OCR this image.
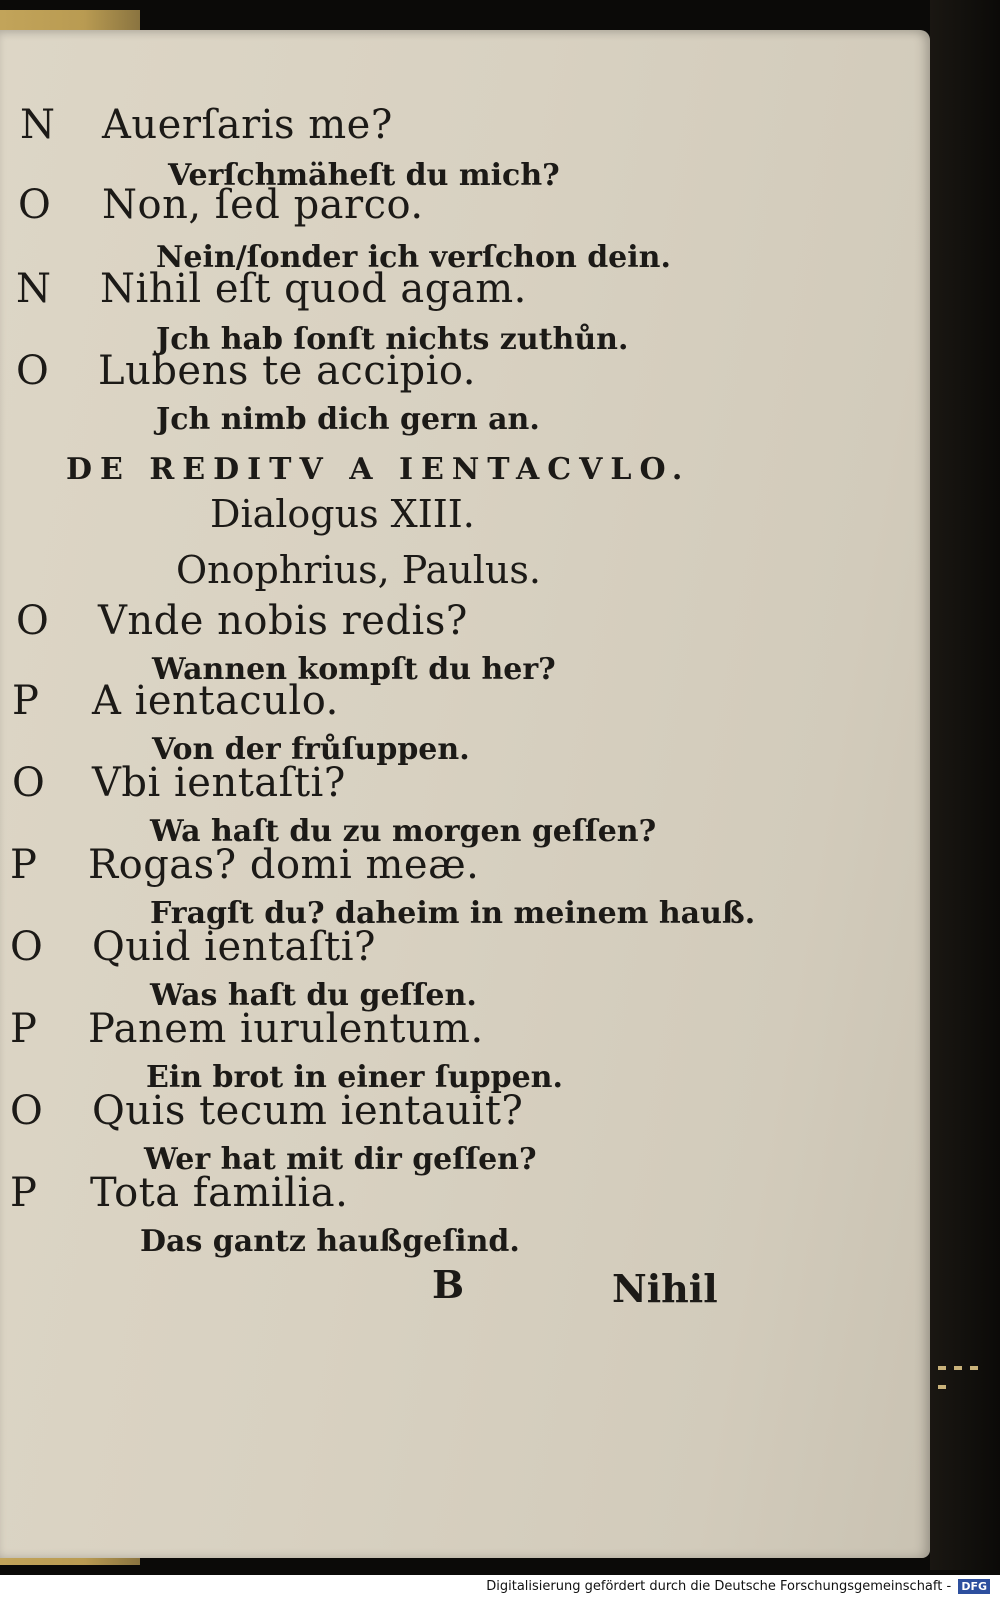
N Auerſaris me?
Verſchmäheſt du mich?
O Non, ſed parco.
Nein/ſonder ich verſchon dein.
N Nihil eſt quod agam.
Jch hab ſonſt nichts zuthůn.
O Lubens te accipio.
Jch nimb dich gern an.
DE REDITV A IENTACVLO.
Dialogus XIII.
Onophrius, Paulus.
O Vnde nobis redis?
Wannen kompſt du her?
P A ientaculo.
Von der frůſuppen.
O Vbi ientaſti?
Wa haſt du zu morgen geſſen?
P Rogas? domi meæ.
Fragſt du? daheim in meinem hauß.
O Quid ientaſti?
Was haſt du geſſen.
P Panem iurulentum.
Ein brot in einer ſuppen.
O Quis tecum ientauit?
Wer hat mit dir geſſen?
P Tota familia.
Das gantz haußgeſind.
B	Nihil
Digitalisierung gefördert durch die Deutsche Forschungsgemeinschaft - DFG
